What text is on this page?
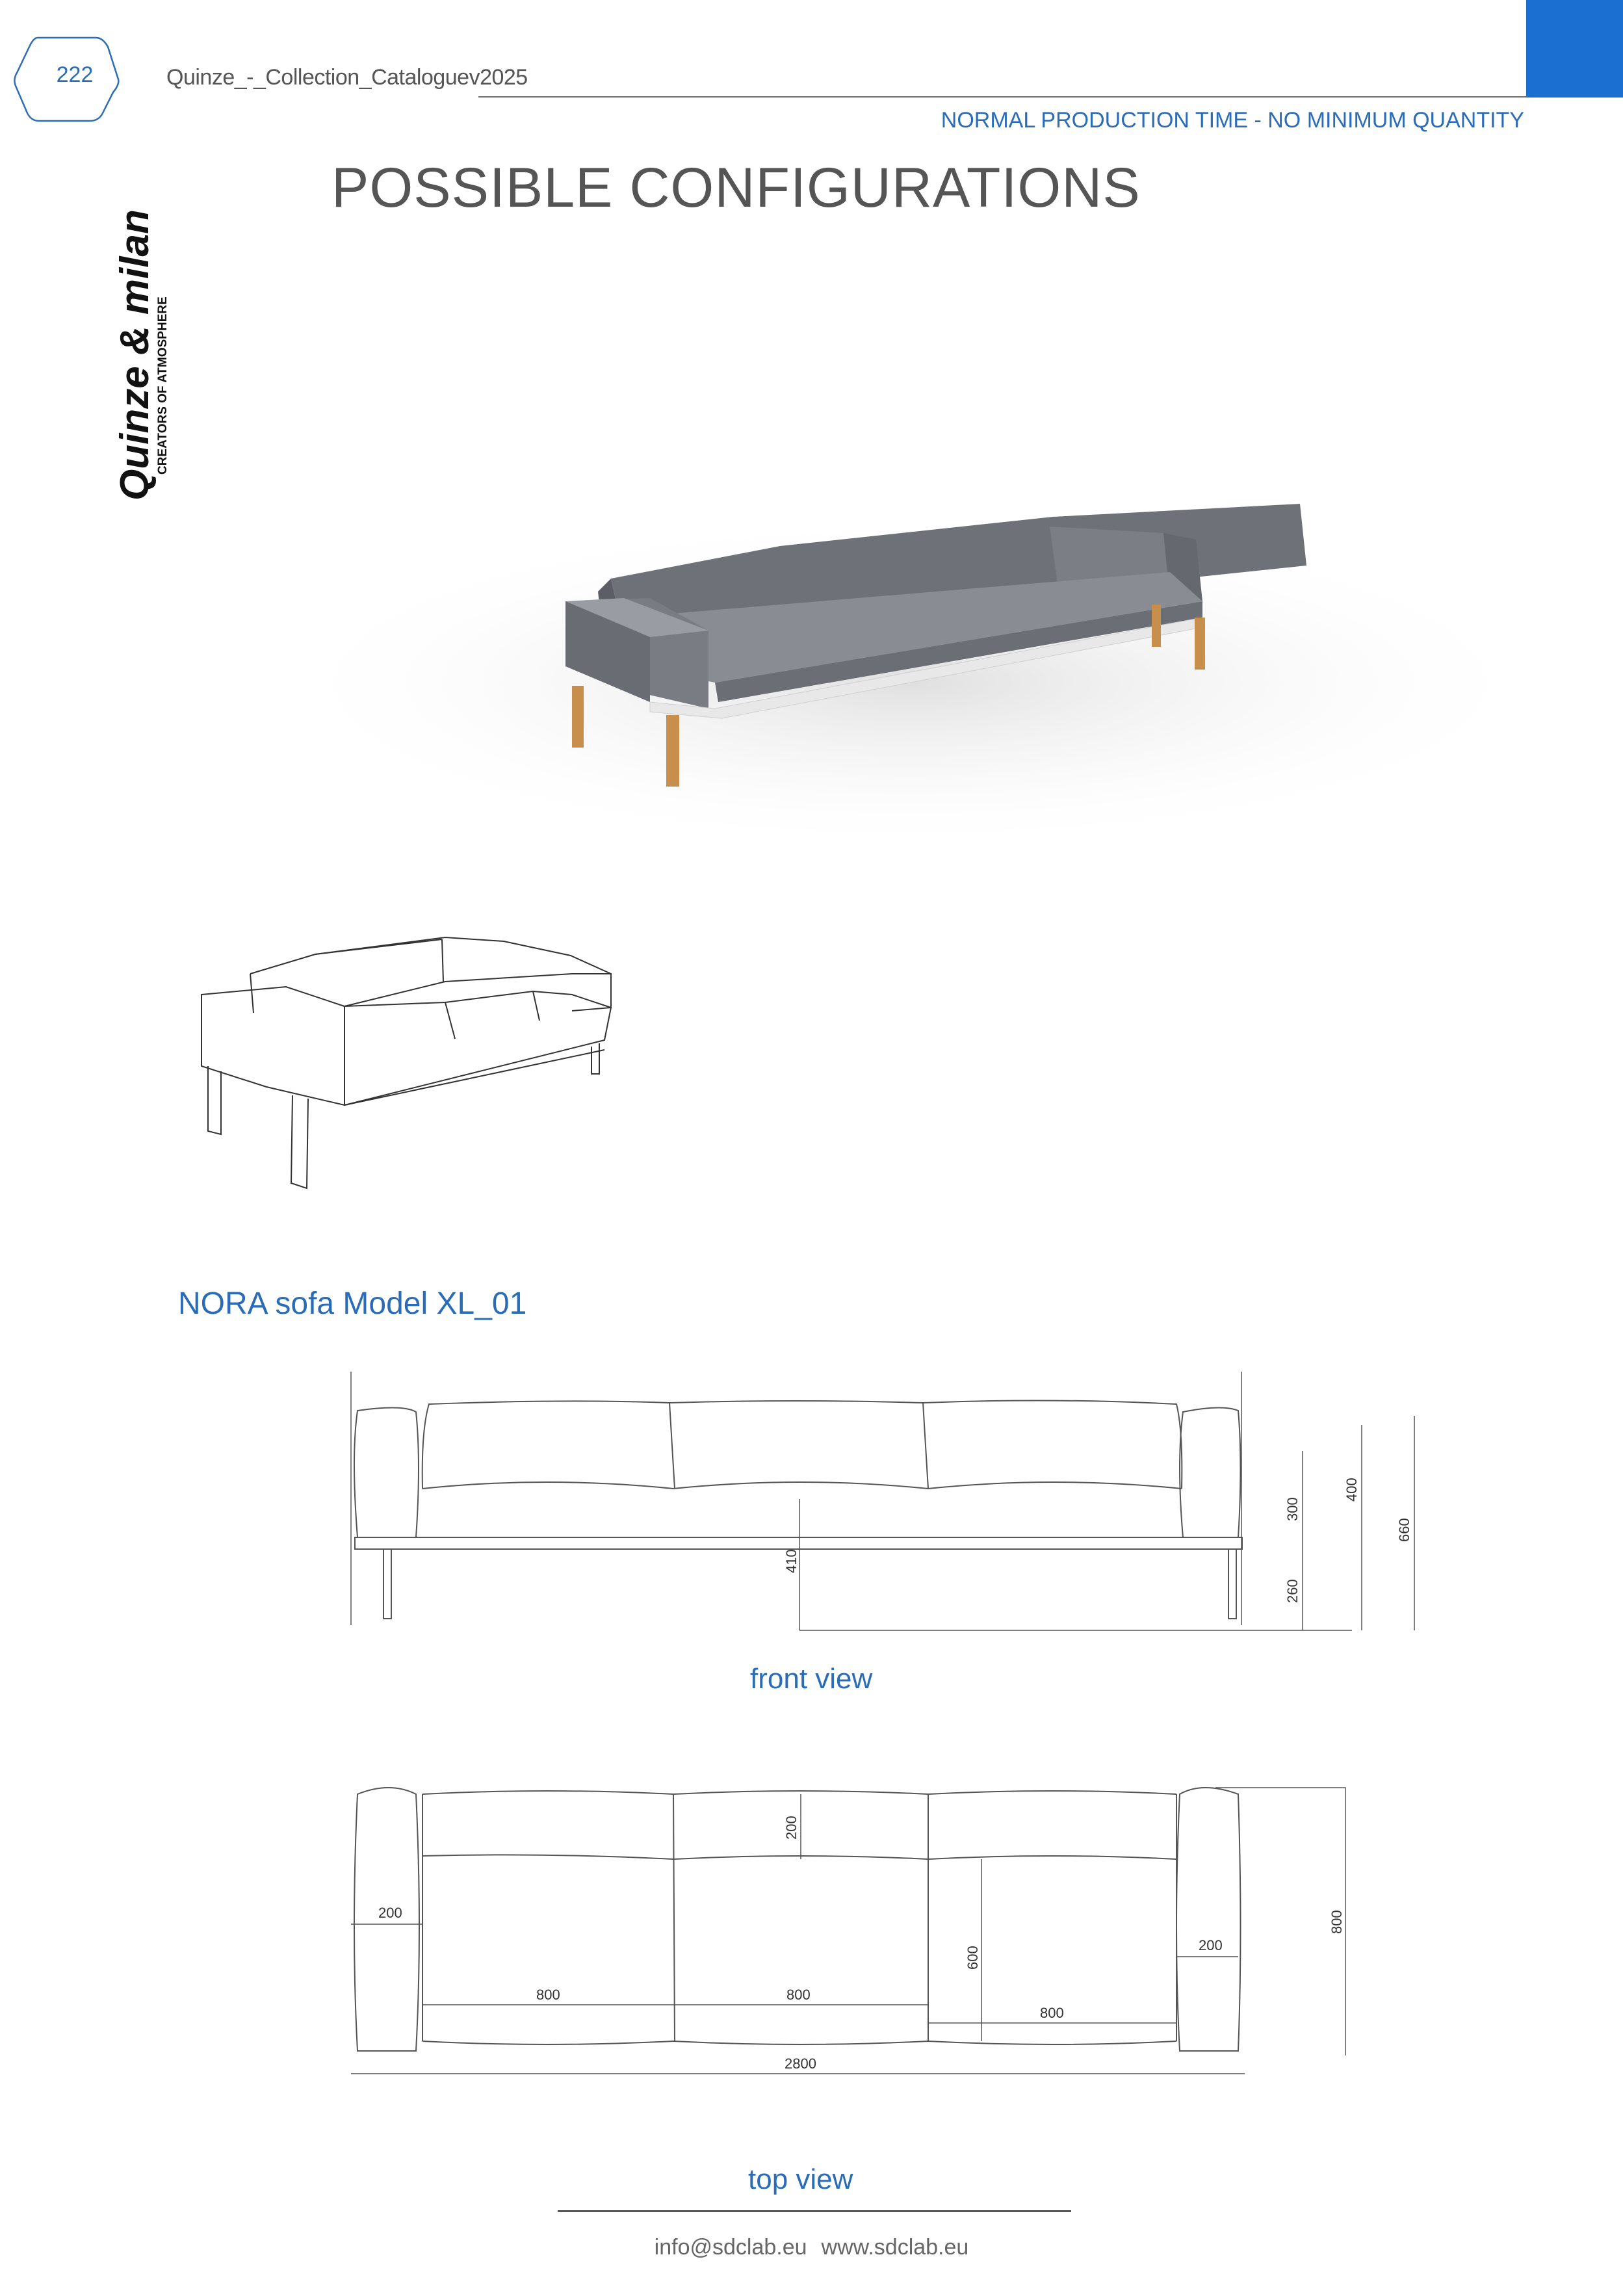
222	Quinze_-_Collection_Cataloguev2025
NORMAL PRODUCTION TIME - NO MINIMUM QUANTITY
Quinze & milan
CREATORS OF ATMOSPHERE
POSSIBLE CONFIGURATIONS
NORA sofa Model XL_01
410
300
400
260
660
front view
200
200
200
800	800
800
600
800
2800
top view
info@sdclab.eu www.sdclab.eu
